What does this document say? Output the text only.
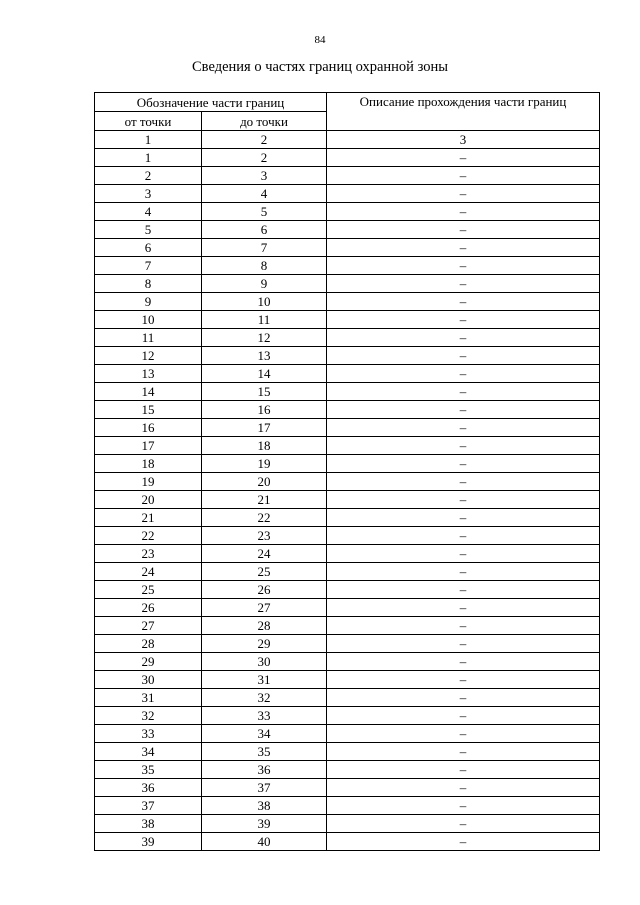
84
Сведения о частях границ охранной зоны
Обозначение части границ		Описание прохождения части границ
от точки	до точки	
1	2	3
1	2	–
2	3	–
3	4	–
4	5	–
5	6	–
6	7	–
7	8	–
8	9	–
9	10	–
10	11	–
11	12	–
12	13	–
13	14	–
14	15	–
15	16	–
16	17	–
17	18	–
18	19	–
19	20	–
20	21	–
21	22	–
22	23	–
23	24	–
24	25	–
25	26	–
26	27	–
27	28	–
28	29	–
29	30	–
30	31	–
31	32	–
32	33	–
33	34	–
34	35	–
35	36	–
36	37	–
37	38	–
38	39	–
39	40	–
